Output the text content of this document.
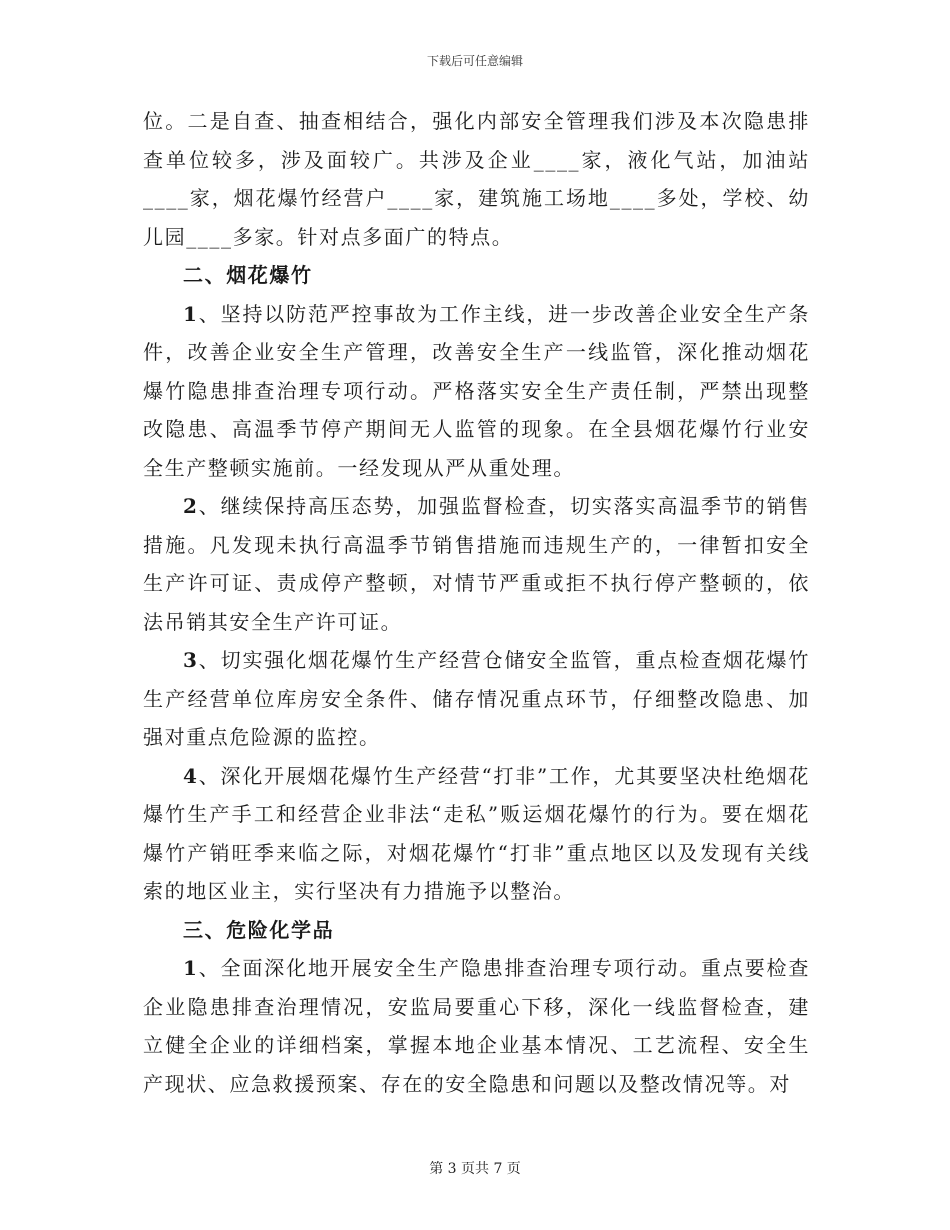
下载后可任意编辑

位。二是自查、抽查相结合，强化内部安全管理我们涉及本次隐患排查单位较多，涉及面较广。共涉及企业____家，液化气站，加油站____家，烟花爆竹经营户____家，建筑施工场地____多处，学校、幼儿园____多家。针对点多面广的特点。

二、烟花爆竹

1、坚持以防范严控事故为工作主线，进一步改善企业安全生产条件，改善企业安全生产管理，改善安全生产一线监管，深化推动烟花爆竹隐患排查治理专项行动。严格落实安全生产责任制，严禁出现整改隐患、高温季节停产期间无人监管的现象。在全县烟花爆竹行业安全生产整顿实施前。一经发现从严从重处理。

2、继续保持高压态势，加强监督检查，切实落实高温季节的销售措施。凡发现未执行高温季节销售措施而违规生产的，一律暂扣安全生产许可证、责成停产整顿，对情节严重或拒不执行停产整顿的，依法吊销其安全生产许可证。

3、切实强化烟花爆竹生产经营仓储安全监管，重点检查烟花爆竹生产经营单位库房安全条件、储存情况重点环节，仔细整改隐患、加强对重点危险源的监控。

4、深化开展烟花爆竹生产经营“打非”工作，尤其要坚决杜绝烟花爆竹生产手工和经营企业非法“走私”贩运烟花爆竹的行为。要在烟花爆竹产销旺季来临之际，对烟花爆竹“打非”重点地区以及发现有关线索的地区业主，实行坚决有力措施予以整治。

三、危险化学品

1、全面深化地开展安全生产隐患排查治理专项行动。重点要检查企业隐患排查治理情况，安监局要重心下移，深化一线监督检查，建立健全企业的详细档案，掌握本地企业基本情况、工艺流程、安全生产现状、应急救援预案、存在的安全隐患和问题以及整改情况等。对

第 3 页共 7 页
